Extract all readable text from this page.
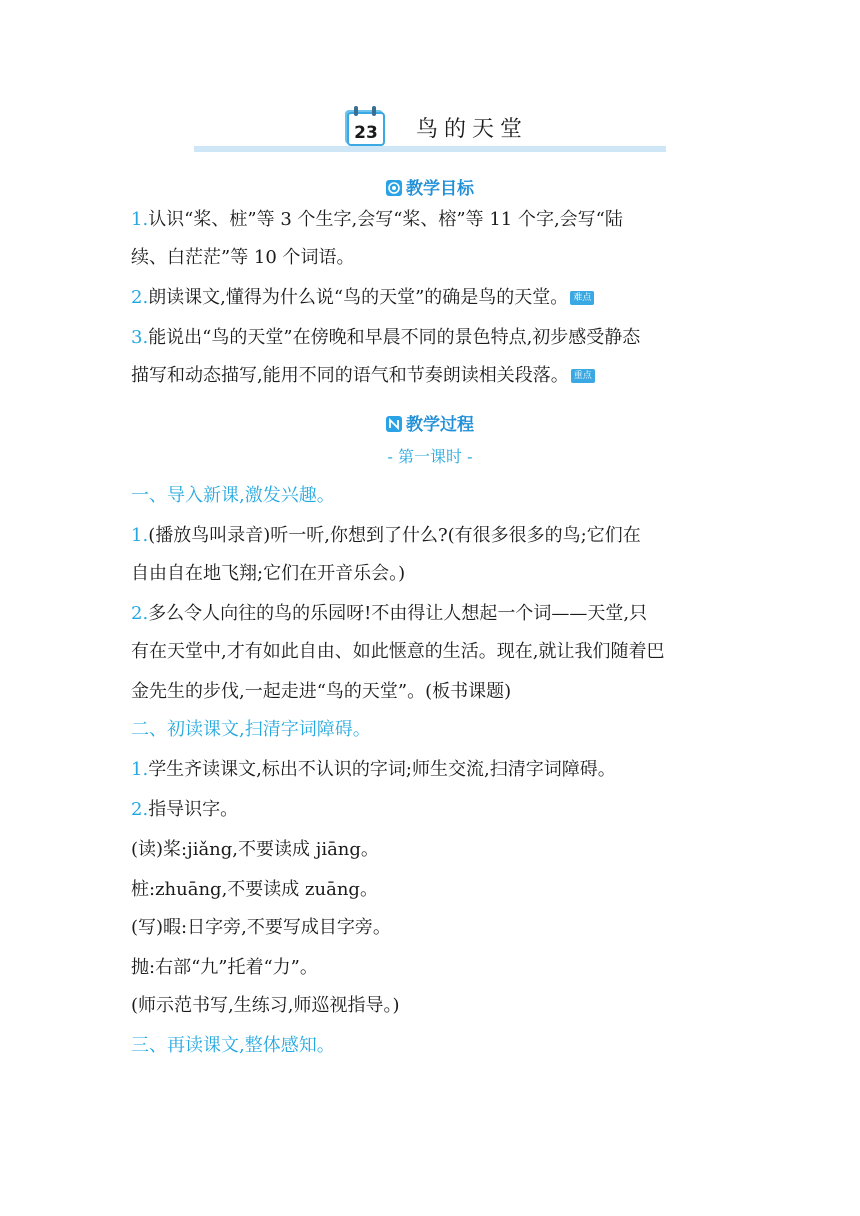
23 鸟的天堂
教学目标
1.认识“桨、桩”等 3 个生字,会写“桨、榕”等 11 个字,会写“陆
续、白茫茫”等 10 个词语。
2.朗读课文,懂得为什么说“鸟的天堂”的确是鸟的天堂。 难点
3.能说出“鸟的天堂”在傍晚和早晨不同的景色特点,初步感受静态
描写和动态描写,能用不同的语气和节奏朗读相关段落。 重点
教学过程
- 第一课时 -
一、导入新课,激发兴趣。
1.(播放鸟叫录音)听一听,你想到了什么?(有很多很多的鸟;它们在
自由自在地飞翔;它们在开音乐会。)
2.多么令人向往的鸟的乐园呀!不由得让人想起一个词——天堂,只
有在天堂中,才有如此自由、如此惬意的生活。现在,就让我们随着巴
金先生的步伐,一起走进“鸟的天堂”。(板书课题)
二、初读课文,扫清字词障碍。
1.学生齐读课文,标出不认识的字词;师生交流,扫清字词障碍。
2.指导识字。
(读)桨:jiǎng,不要读成 jiāng。
桩:zhuāng,不要读成 zuāng。
(写)暇:日字旁,不要写成目字旁。
抛:右部“九”托着“力”。
(师示范书写,生练习,师巡视指导。)
三、再读课文,整体感知。
